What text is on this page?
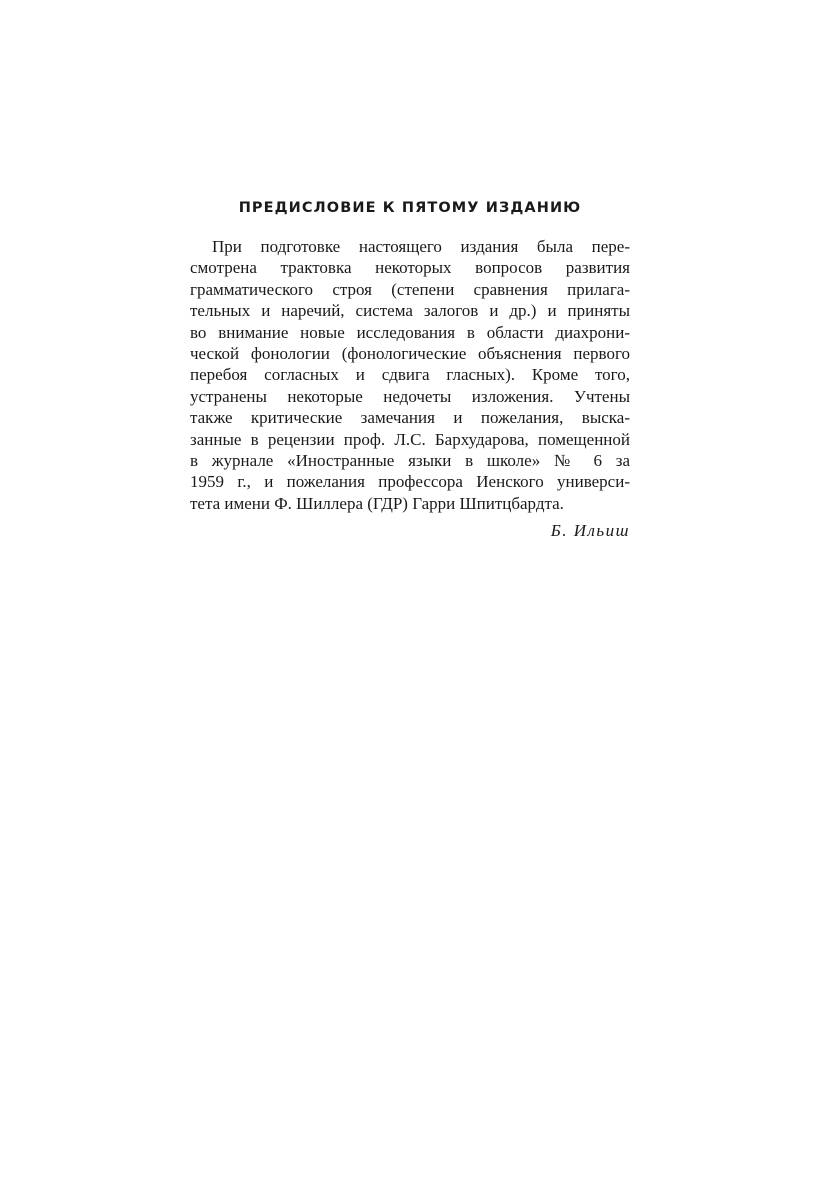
ПРЕДИСЛОВИЕ К ПЯТОМУ ИЗДАНИЮ
При подготовке настоящего издания была пере-
смотрена трактовка некоторых вопросов развития
грамматического строя (степени сравнения прилага-
тельных и наречий, система залогов и др.) и приняты
во внимание новые исследования в области диахрони-
ческой фонологии (фонологические объяснения первого
перебоя согласных и сдвига гласных). Кроме того,
устранены некоторые недочеты изложения. Учтены
также критические замечания и пожелания, выска-
занные в рецензии проф. Л.С. Бархударова, помещенной
в журнале «Иностранные языки в школе» № 6 за
1959 г., и пожелания профессора Иенского универси-
тета имени Ф. Шиллера (ГДР) Гарри Шпитцбардта.
Б. Ильиш
